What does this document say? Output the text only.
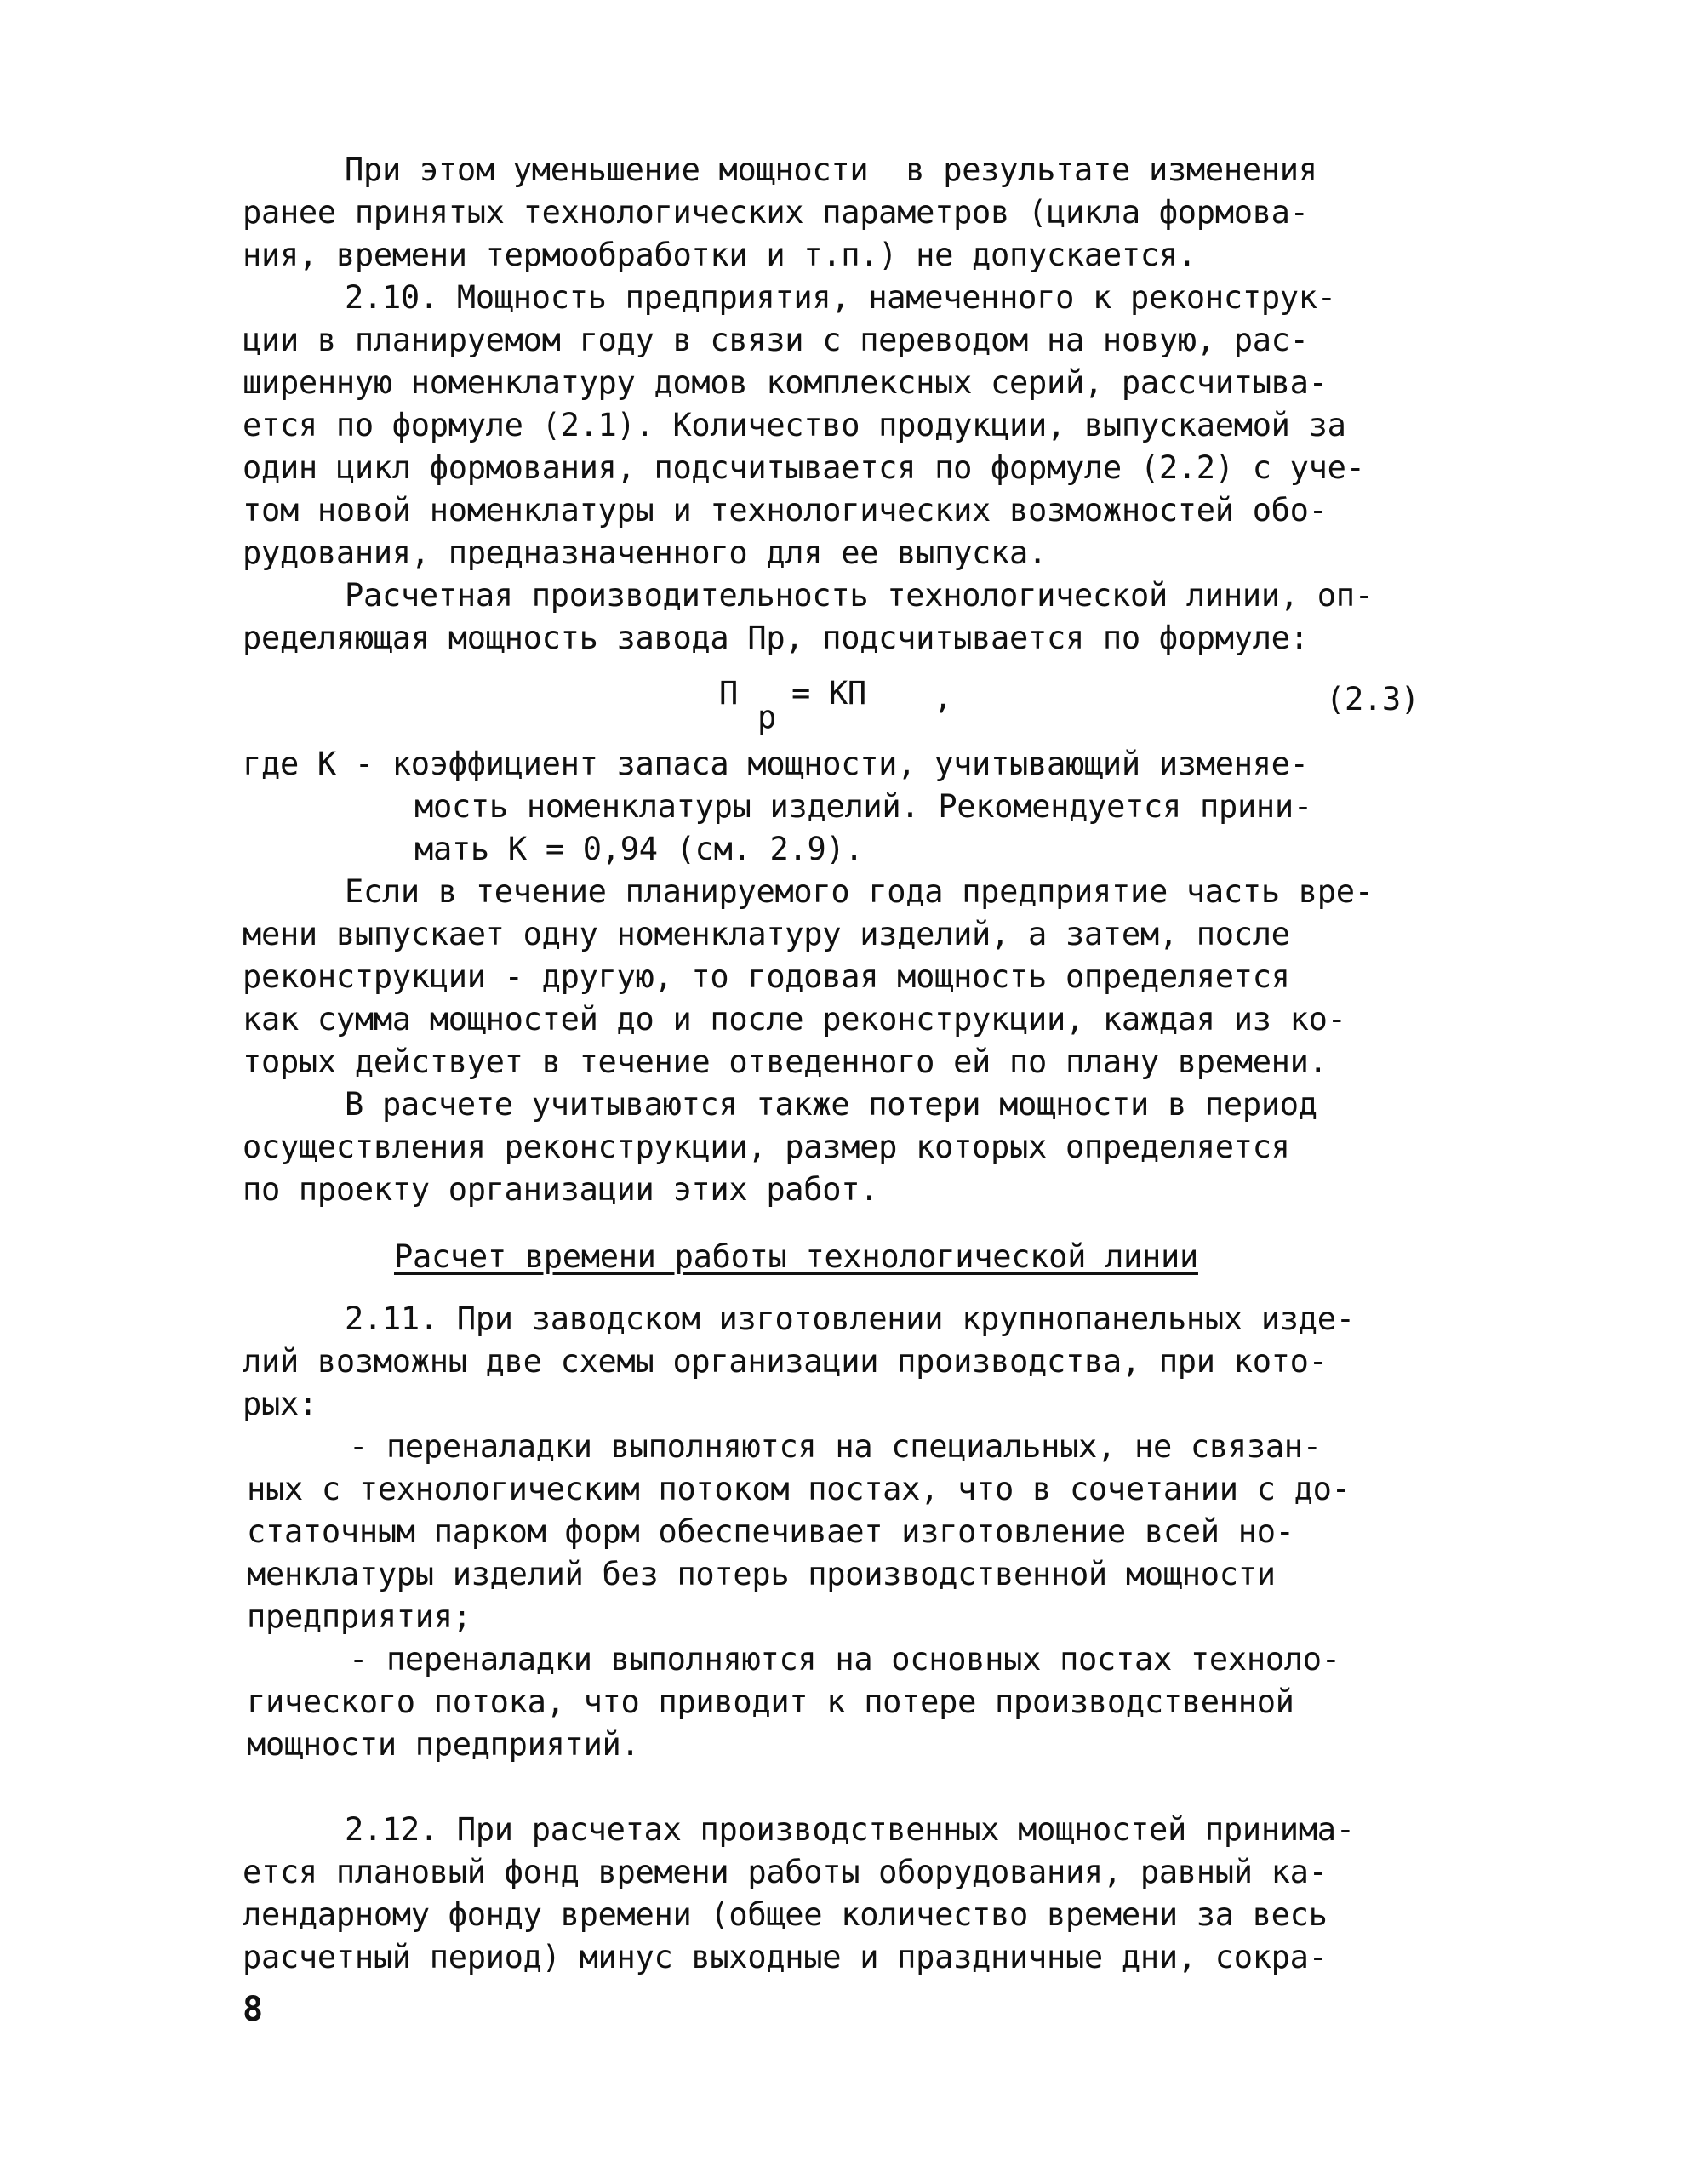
При этом уменьшение мощности  в результате изменения
ранее принятых технологических параметров (цикла формова-
ния, времени термообработки и т.п.) не допускается.
2.10. Мощность предприятия, намеченного к реконструк-
ции в планируемом году в связи с переводом на новую, рас-
ширенную номенклатуру домов комплексных серий, рассчитыва-
ется по формуле (2.1). Количество продукции, выпускаемой за
один цикл формования, подсчитывается по формуле (2.2) с уче-
том новой номенклатуры и технологических возможностей обо-
рудования, предназначенного для ее выпуска.
Расчетная производительность технологической линии, оп-
ределяющая мощность завода Пр, подсчитывается по формуле:
П
р
= КП ,	(2.3)
где К - коэффициент запаса мощности, учитывающий изменяе-
мость номенклатуры изделий. Рекомендуется прини-
мать К = 0,94 (см. 2.9).
Если в течение планируемого года предприятие часть вре-
мени выпускает одну номенклатуру изделий, а затем, после
реконструкции - другую, то годовая мощность определяется
как сумма мощностей до и после реконструкции, каждая из ко-
торых действует в течение отведенного ей по плану времени.
В расчете учитываются также потери мощности в период
осуществления реконструкции, размер которых определяется
по проекту организации этих работ.
Расчет времени работы технологической линии
2.11. При заводском изготовлении крупнопанельных изде-
лий возможны две схемы организации производства, при кото-
рых:
- переналадки выполняются на специальных, не связан-
ных с технологическим потоком постах, что в сочетании с до-
статочным парком форм обеспечивает изготовление всей но-
менклатуры изделий без потерь производственной мощности
предприятия;
- переналадки выполняются на основных постах техноло-
гического потока, что приводит к потере производственной
мощности предприятий.
2.12. При расчетах производственных мощностей принима-
ется плановый фонд времени работы оборудования, равный ка-
лендарному фонду времени (общее количество времени за весь
расчетный период) минус выходные и праздничные дни, сокра-
8
